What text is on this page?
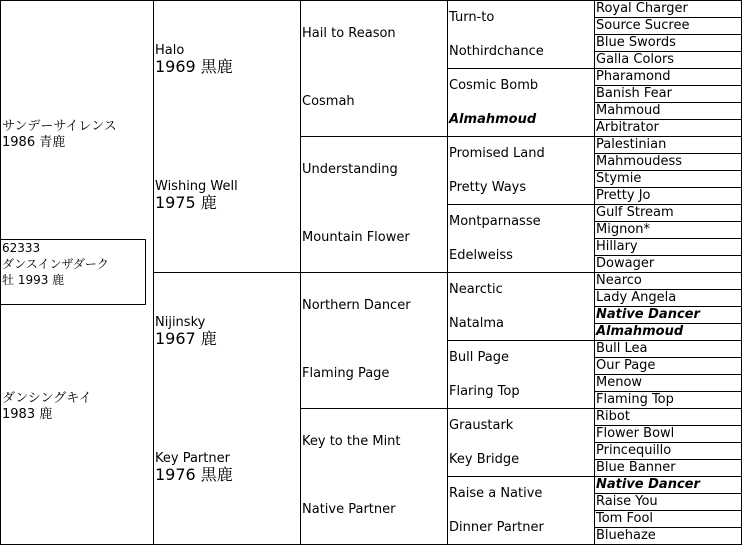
サンデーサイレンス
1986 青鹿
ダンシングキイ
1983 鹿
Halo
1969 黒鹿
Wishing Well
1975 鹿
Nijinsky
1967 鹿
Key Partner
1976 黒鹿
Hail to Reason
Cosmah
Understanding
Mountain Flower
Northern Dancer
Flaming Page
Key to the Mint
Native Partner
Turn-to
Nothirdchance
Cosmic Bomb
Almahmoud
Promised Land
Pretty Ways
Montparnasse
Edelweiss
Nearctic
Natalma
Bull Page
Flaring Top
Graustark
Key Bridge
Raise a Native
Dinner Partner
Royal Charger
Source Sucree
Blue Swords
Galla Colors
Pharamond
Banish Fear
Mahmoud
Arbitrator
Palestinian
Mahmoudess
Stymie
Pretty Jo
Gulf Stream
Mignon*
Hillary
Dowager
Nearco
Lady Angela
Native Dancer
Almahmoud
Bull Lea
Our Page
Menow
Flaming Top
Ribot
Flower Bowl
Princequillo
Blue Banner
Native Dancer
Raise You
Tom Fool
Bluehaze
62333
ダンスインザダーク
牡 1993 鹿
